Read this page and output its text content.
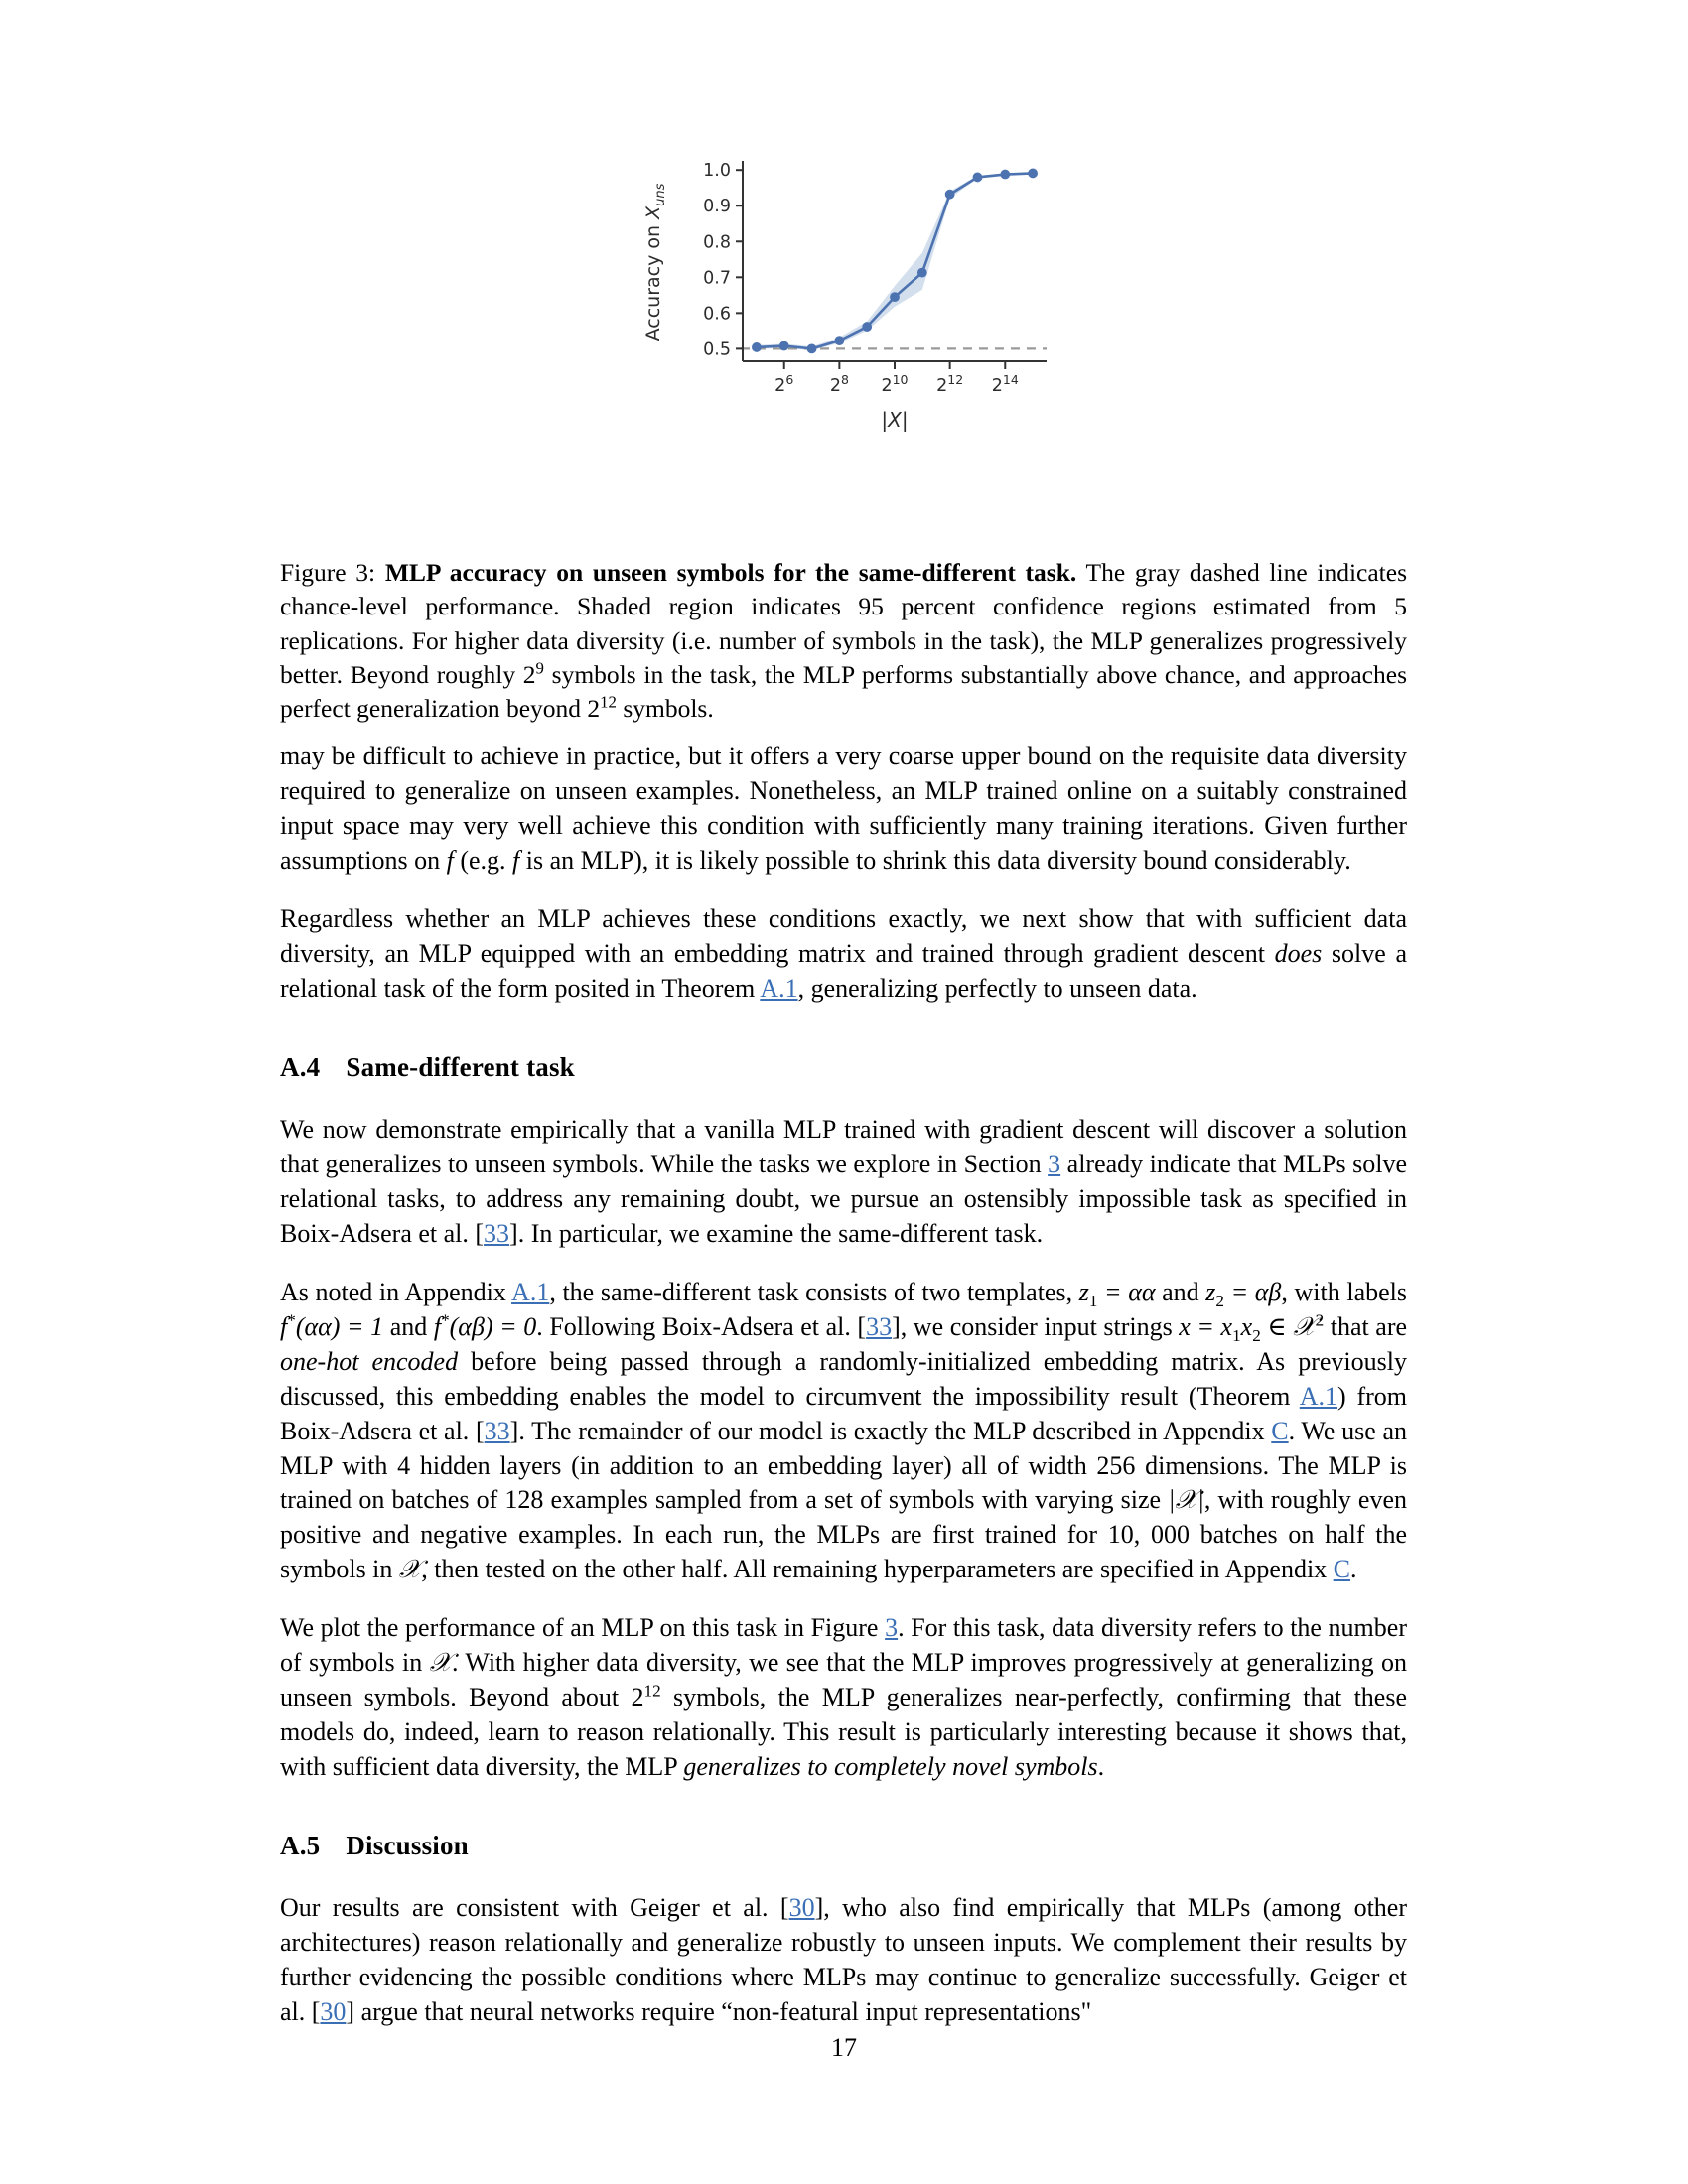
0.5
0.6
0.7
0.8
0.9
1.0
$2^6$ $2^8$ $2^{10}$ $2^{12}$ $2^{14}$
|X|
Accuracy on $X_{uns}$
Figure 3: MLP accuracy on unseen symbols for the same-different task. The gray dashed line indicates chance-level performance. Shaded region indicates 95 percent confidence regions estimated from 5 replications. For higher data diversity (i.e. number of symbols in the task), the MLP generalizes progressively better. Beyond roughly $2^9$ symbols in the task, the MLP performs substantially above chance, and approaches perfect generalization beyond $2^{12}$ symbols.

may be difficult to achieve in practice, but it offers a very coarse upper bound on the requisite data diversity required to generalize on unseen examples. Nonetheless, an MLP trained online on a suitably constrained input space may very well achieve this condition with sufficiently many training iterations. Given further assumptions on f (e.g. f is an MLP), it is likely possible to shrink this data diversity bound considerably.

Regardless whether an MLP achieves these conditions exactly, we next show that with sufficient data diversity, an MLP equipped with an embedding matrix and trained through gradient descent does solve a relational task of the form posited in Theorem A.1, generalizing perfectly to unseen data.

A.4 Same-different task

We now demonstrate empirically that a vanilla MLP trained with gradient descent will discover a solution that generalizes to unseen symbols. While the tasks we explore in Section 3 already indicate that MLPs solve relational tasks, to address any remaining doubt, we pursue an ostensibly impossible task as specified in Boix-Adsera et al. [33]. In particular, we examine the same-different task.

As noted in Appendix A.1, the same-different task consists of two templates, $z_1 = \alpha\alpha$ and $z_2 = \alpha\beta$, with labels f*(αα) = 1 and f*(αβ) = 0. Following Boix-Adsera et al. [33], we consider input strings $x = x_1x_2$ ∈ 𝒳$^2$ that are one-hot encoded before being passed through a randomly-initialized embedding matrix. As previously discussed, this embedding enables the model to circumvent the impossibility result (Theorem A.1) from Boix-Adsera et al. [33]. The remainder of our model is exactly the MLP described in Appendix C. We use an MLP with 4 hidden layers (in addition to an embedding layer) all of width 256 dimensions. The MLP is trained on batches of 128 examples sampled from a set of symbols with varying size |𝒳|, with roughly even positive and negative examples. In each run, the MLPs are first trained for 10, 000 batches on half the symbols in 𝒳, then tested on the other half. All remaining hyperparameters are specified in Appendix C.

We plot the performance of an MLP on this task in Figure 3. For this task, data diversity refers to the number of symbols in 𝒳. With higher data diversity, we see that the MLP improves progressively at generalizing on unseen symbols. Beyond about $2^{12}$ symbols, the MLP generalizes near-perfectly, confirming that these models do, indeed, learn to reason relationally. This result is particularly interesting because it shows that, with sufficient data diversity, the MLP generalizes to completely novel symbols.

A.5 Discussion

Our results are consistent with Geiger et al. [30], who also find empirically that MLPs (among other architectures) reason relationally and generalize robustly to unseen inputs. We complement their results by further evidencing the possible conditions where MLPs may continue to generalize successfully. Geiger et al. [30] argue that neural networks require “non-featural input representations"

17
